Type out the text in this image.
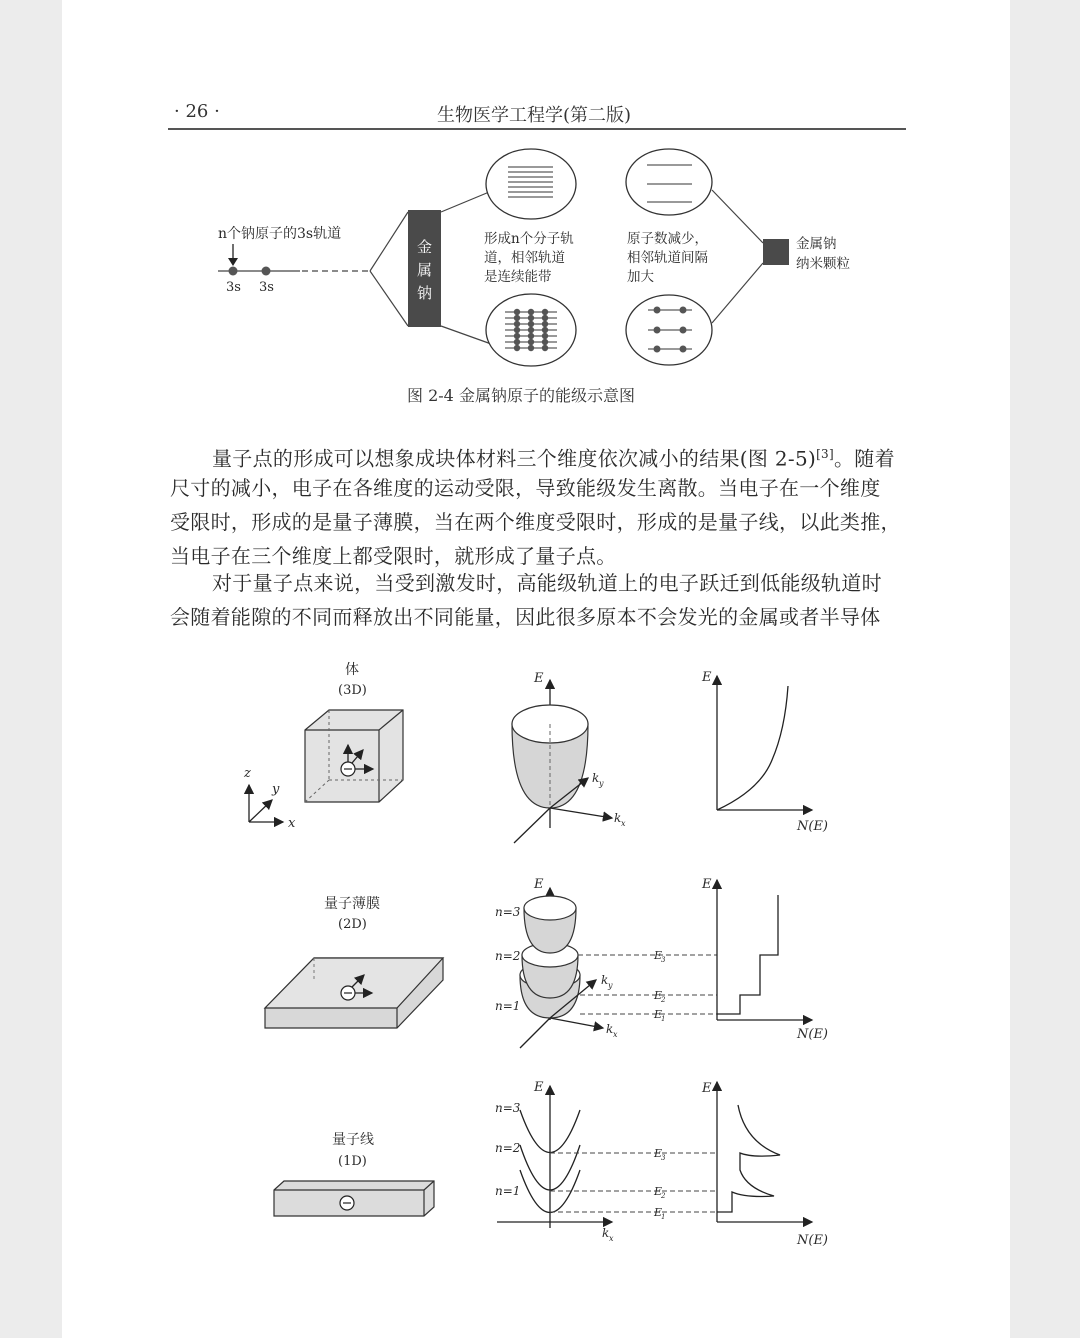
· 26 ·	生物医学工程学(第二版)
n个钠原子的3s轨道
3s 3s
金
属
钠
形成n个分子轨
道，相邻轨道
是连续能带
原子数减少，
相邻轨道间隔
加大
金属钠
纳米颗粒
图 2-4 金属钠原子的能级示意图
量子点的形成可以想象成块体材料三个维度依次减小的结果(图 2-5)[3]。随着
尺寸的减小，电子在各维度的运动受限，导致能级发生离散。当电子在一个维度
受限时，形成的是量子薄膜，当在两个维度受限时，形成的是量子线，以此类推，
当电子在三个维度上都受限时，就形成了量子点。
对于量子点来说，当受到激发时，高能级轨道上的电子跃迁到低能级轨道时
会随着能隙的不同而释放出不同能量，因此很多原本不会发光的金属或者半导体
体
(3D)
z
y
x
E
k y
k x
E
N(E)
量子薄膜
(2D)
E
k y
k x
n=3
n=2
n=1
E
3
E
2
E
1
E
N(E)
量子线
(1D)
E
k x
n=3
n=2
n=1
E
3
E
2
E
1
E
N(E)
